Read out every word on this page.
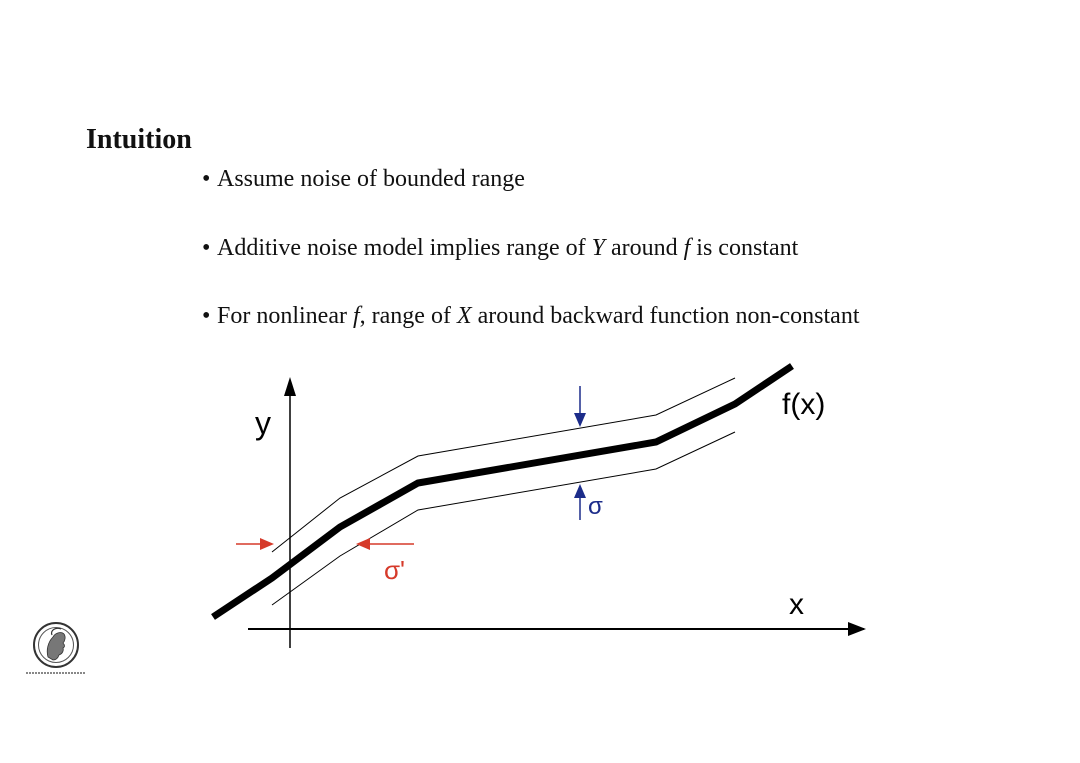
Intuition
• Assume noise of bounded range
• Additive noise model implies range of Y around f is constant
• For nonlinear f, range of X around backward function non-constant
σ
σ'
y
x
f(x)
